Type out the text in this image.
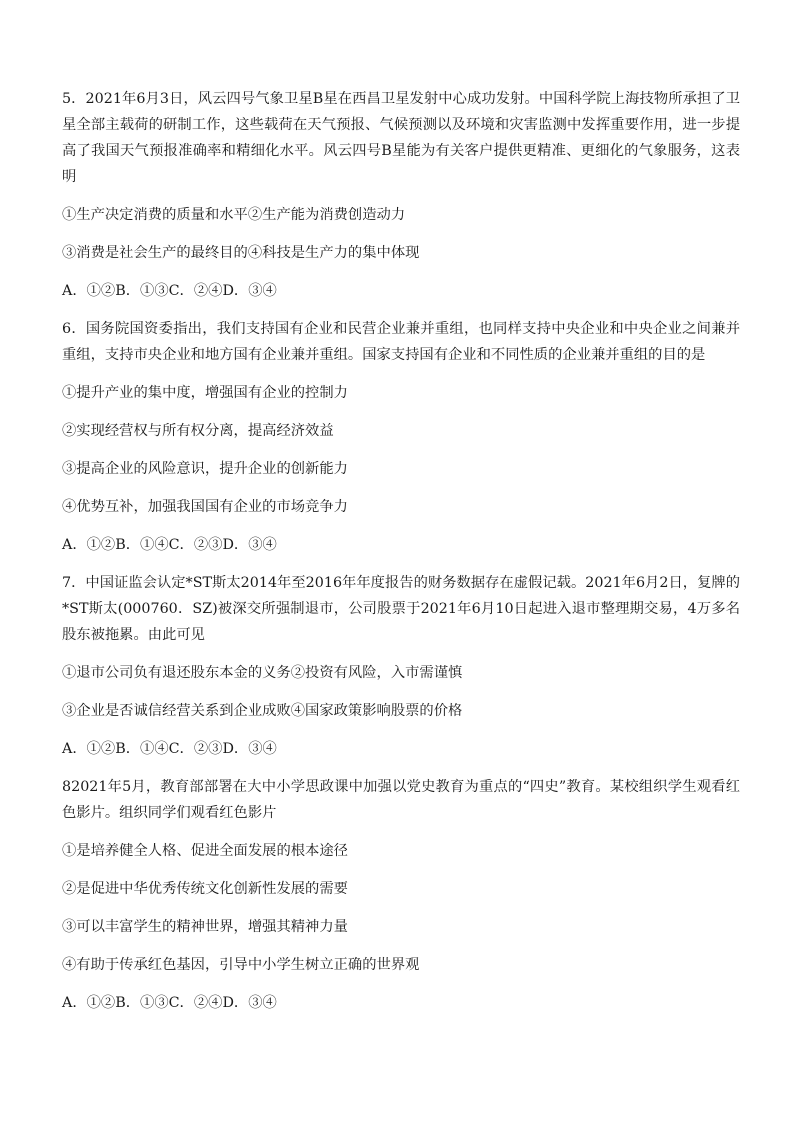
5．2021年6月3日，风云四号气象卫星B星在西昌卫星发射中心成功发射。中国科学院上海技物所承担了卫星全部主载荷的研制工作，这些载荷在天气预报、气候预测以及环境和灾害监测中发挥重要作用，进一步提高了我国天气预报准确率和精细化水平。风云四号B星能为有关客户提供更精准、更细化的气象服务，这表明

①生产决定消费的质量和水平②生产能为消费创造动力

③消费是社会生产的最终目的④科技是生产力的集中体现

A．①②B．①③C．②④D．③④

6．国务院国资委指出，我们支持国有企业和民营企业兼并重组，也同样支持中央企业和中央企业之间兼并重组，支持市央企业和地方国有企业兼并重组。国家支持国有企业和不同性质的企业兼并重组的目的是

①提升产业的集中度，增强国有企业的控制力

②实现经营权与所有权分离，提高经济效益

③提高企业的风险意识，提升企业的创新能力

④优势互补，加强我国国有企业的市场竞争力

A．①②B．①④C．②③D．③④

7．中国证监会认定*ST斯太2014年至2016年年度报告的财务数据存在虚假记载。2021年6月2日，复牌的*ST斯太(000760．SZ)被深交所强制退市，公司股票于2021年6月10日起进入退市整理期交易，4万多名股东被拖累。由此可见

①退市公司负有退还股东本金的义务②投资有风险，入市需谨慎

③企业是否诚信经营关系到企业成败④国家政策影响股票的价格

A．①②B．①④C．②③D．③④

82021年5月，教育部部署在大中小学思政课中加强以党史教育为重点的“四史”教育。某校组织学生观看红色影片。组织同学们观看红色影片

①是培养健全人格、促进全面发展的根本途径

②是促进中华优秀传统文化创新性发展的需要

③可以丰富学生的精神世界，增强其精神力量

④有助于传承红色基因，引导中小学生树立正确的世界观

A．①②B．①③C．②④D．③④
